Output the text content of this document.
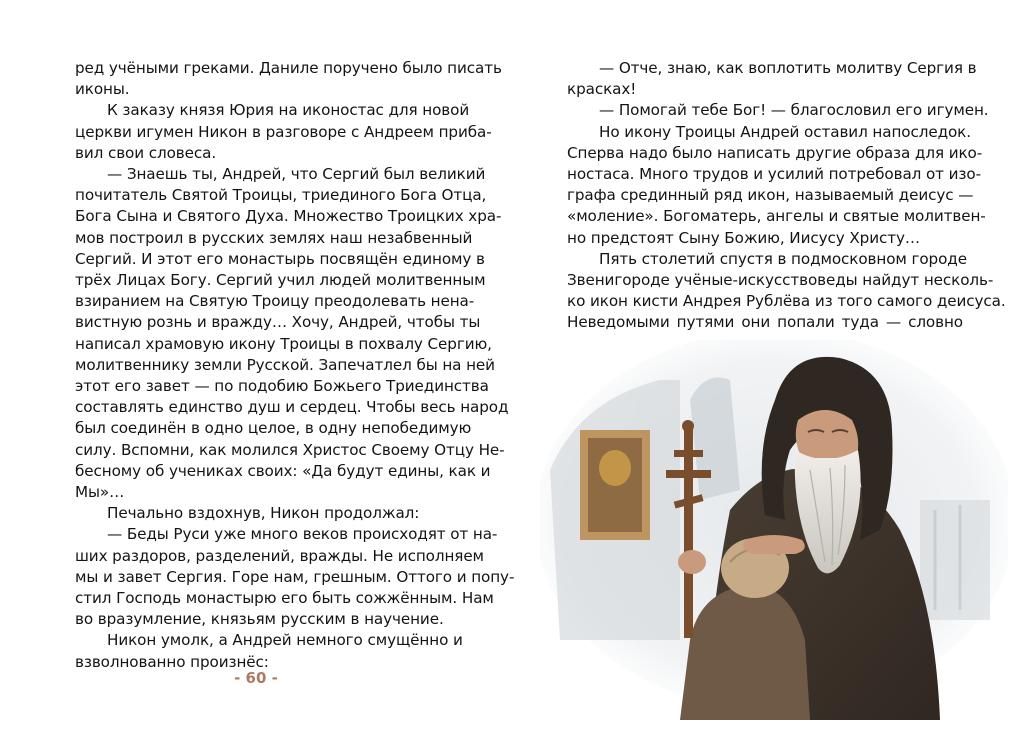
ред учёными греками. Даниле поручено было писать
иконы.
К заказу князя Юрия на иконостас для новой
церкви игумен Никон в разговоре с Андреем приба-
вил свои словеса.
— Знаешь ты, Андрей, что Сергий был великий
почитатель Святой Троицы, триединого Бога Отца,
Бога Сына и Святого Духа. Множество Троицких хра-
мов построил в русских землях наш незабвенный
Сергий. И этот его монастырь посвящён единому в
трёх Лицах Богу. Сергий учил людей молитвенным
взиранием на Святую Троицу преодолевать нена-
вистную рознь и вражду… Хочу, Андрей, чтобы ты
написал храмовую икону Троицы в похвалу Сергию,
молитвеннику земли Русской. Запечатлел бы на ней
этот его завет — по подобию Божьего Триединства
составлять единство душ и сердец. Чтобы весь народ
был соединён в одно целое, в одну непобедимую
силу. Вспомни, как молился Христос Своему Отцу Не-
бесному об учениках своих: «Да будут едины, как и
Мы»…
Печально вздохнув, Никон продолжал:
— Беды Руси уже много веков происходят от на-
ших раздоров, разделений, вражды. Не исполняем
мы и завет Сергия. Горе нам, грешным. Оттого и попу-
стил Господь монастырю его быть сожжённым. Нам
во вразумление, князьям русским в научение.
Никон умолк, а Андрей немного смущённо и
взволнованно произнёс:
- 60 -
— Отче, знаю, как воплотить молитву Сергия в
красках!
— Помогай тебе Бог! — благословил его игумен.
Но икону Троицы Андрей оставил напоследок.
Сперва надо было написать другие образа для ико-
ностаса. Много трудов и усилий потребовал от изо-
графа срединный ряд икон, называемый деисус —
«моление». Богоматерь, ангелы и святые молитвен-
но предстоят Сыну Божию, Иисусу Христу…
Пять столетий спустя в подмосковном городе
Звенигороде учёные-искусствоведы найдут несколь-
ко икон кисти Андрея Рублёва из того самого деисуса.
Неведомыми путями они попали туда — словно
